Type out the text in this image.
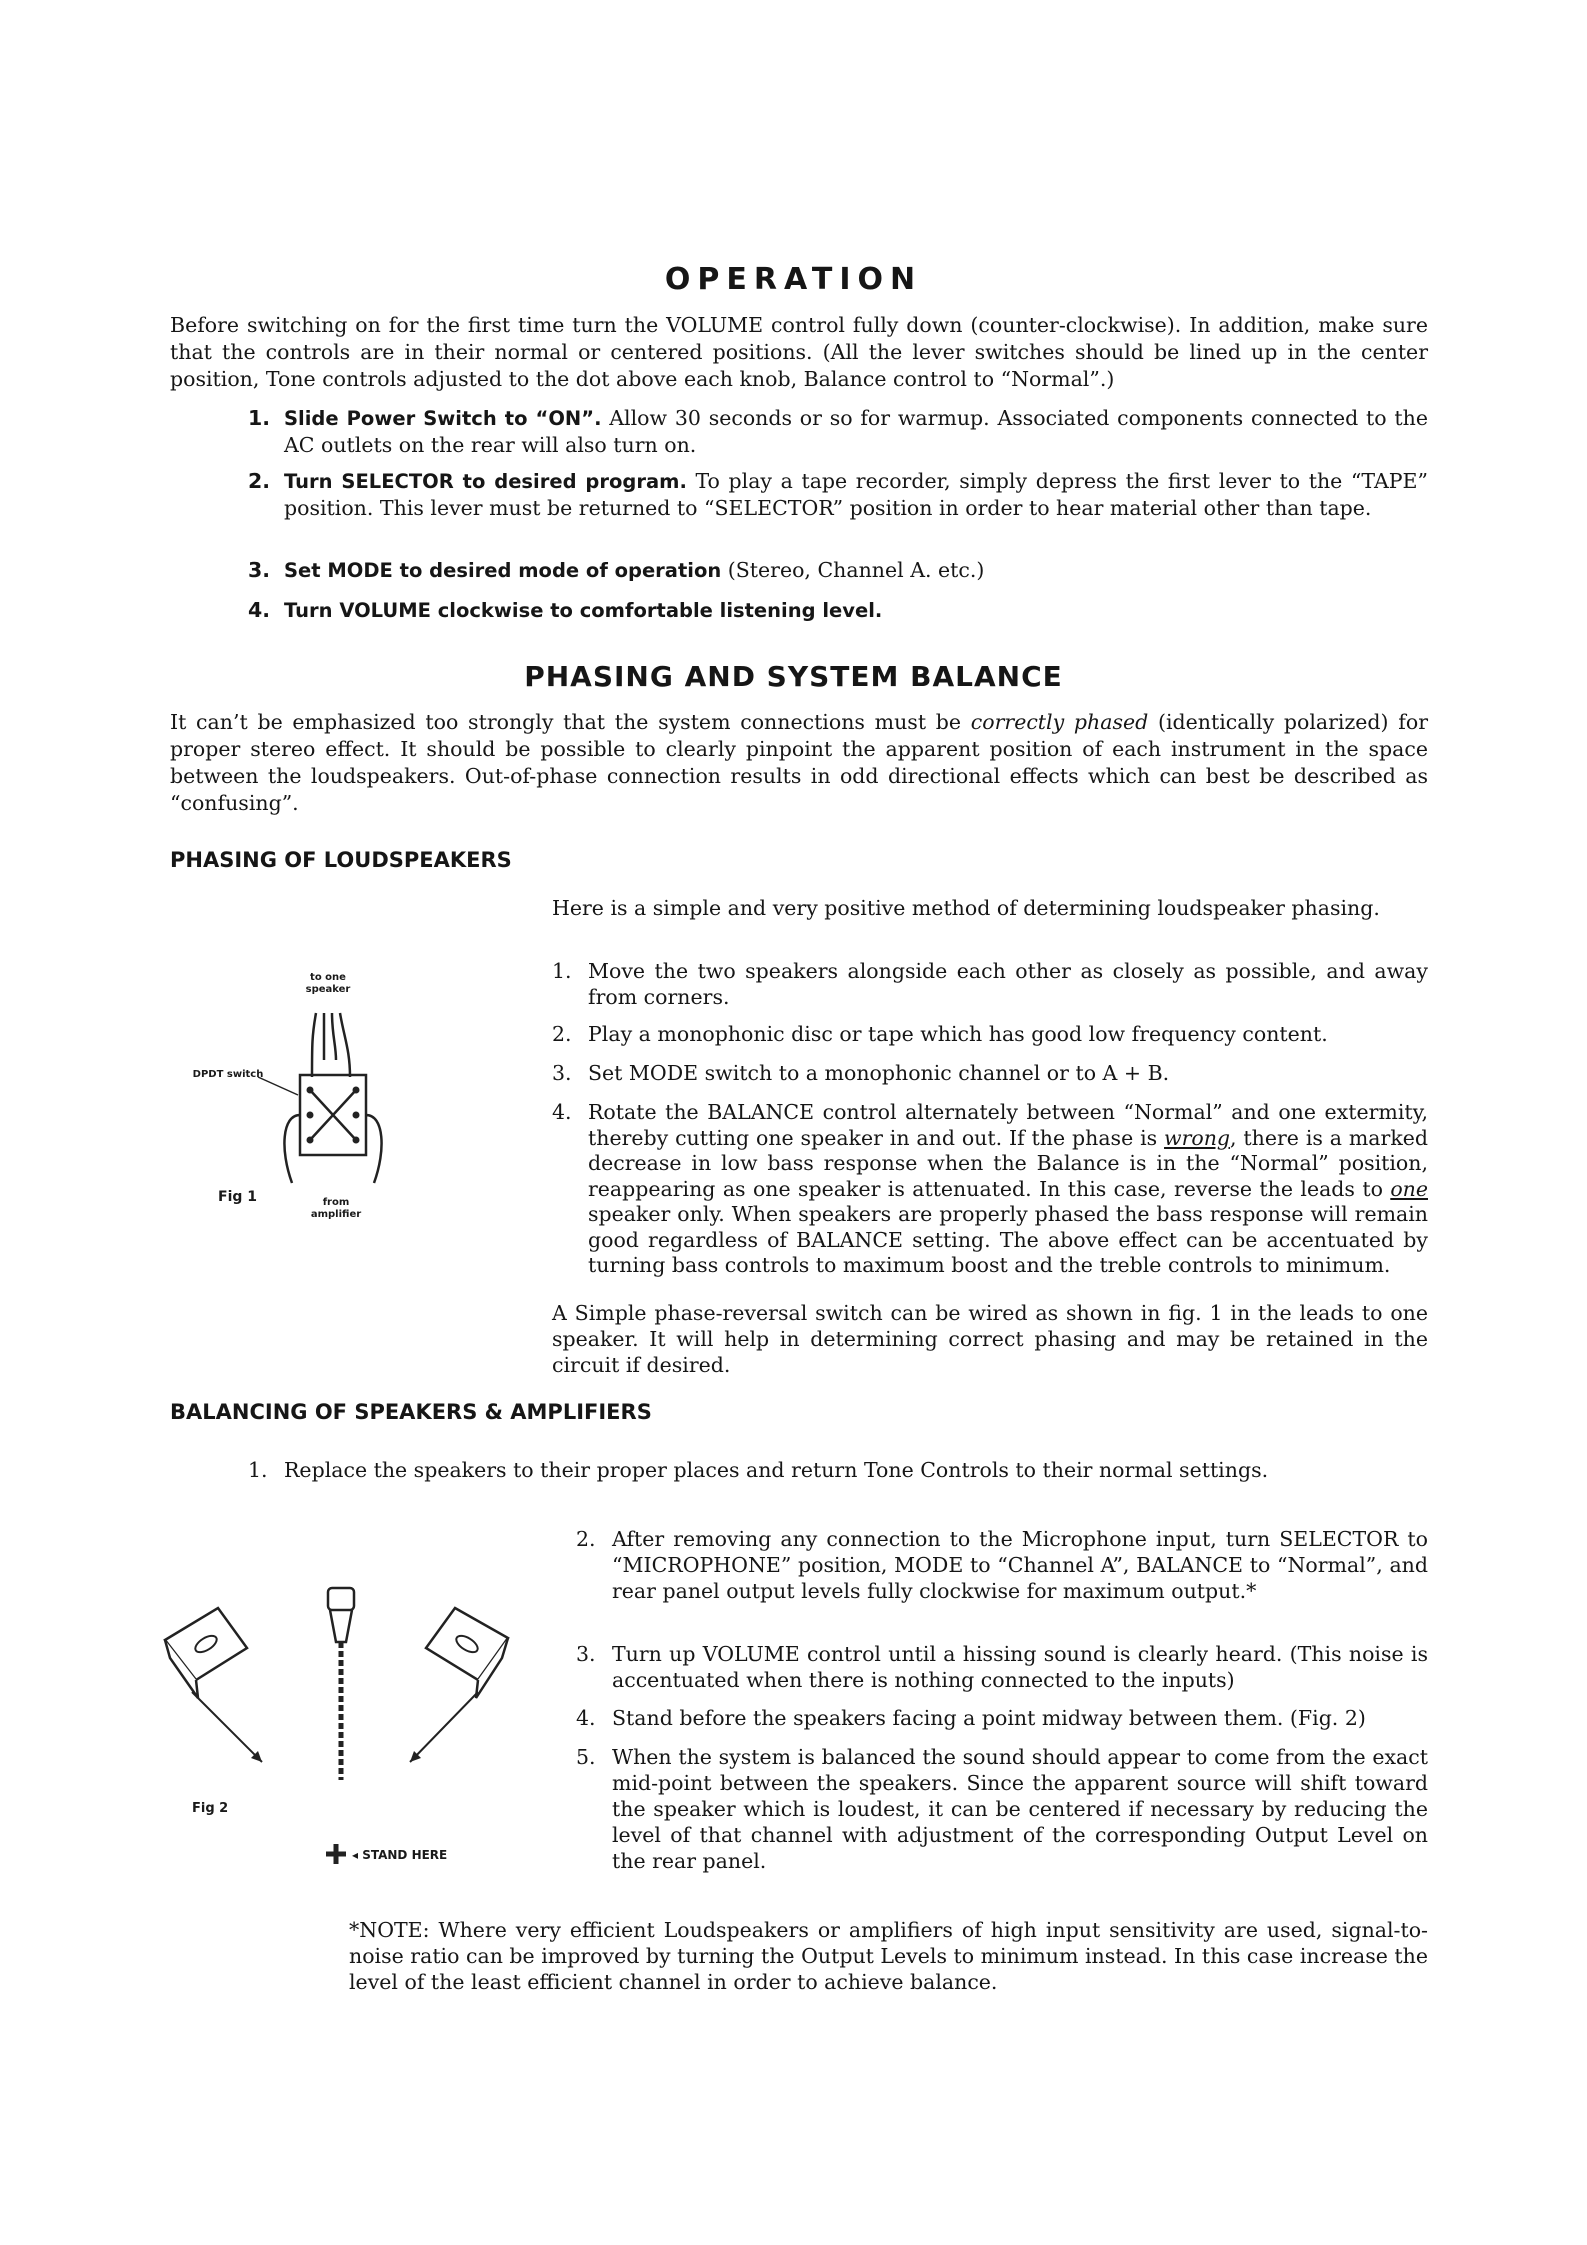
OPERATION

Before switching on for the first time turn the VOLUME control fully down (counter-clockwise). In addition, make sure that the controls are in their normal or centered positions. (All the lever switches should be lined up in the center position, Tone controls adjusted to the dot above each knob, Balance control to “Normal”.)

1. Slide Power Switch to “ON”. Allow 30 seconds or so for warmup. Associated components connected to the AC outlets on the rear will also turn on.
2. Turn SELECTOR to desired program. To play a tape recorder, simply depress the first lever to the “TAPE” position. This lever must be returned to “SELECTOR” position in order to hear material other than tape.
3. Set MODE to desired mode of operation (Stereo, Channel A. etc.)
4. Turn VOLUME clockwise to comfortable listening level.
PHASING AND SYSTEM BALANCE

It can’t be emphasized too strongly that the system connections must be correctly phased (identically polarized) for proper stereo effect. It should be possible to clearly pinpoint the apparent position of each instrument in the space between the loudspeakers. Out-of-phase connection results in odd directional effects which can best be described as “confusing”.

PHASING OF LOUDSPEAKERS

Here is a simple and very positive method of determining loudspeaker phasing.

1. Move the two speakers alongside each other as closely as possible, and away from corners.
2. Play a monophonic disc or tape which has good low frequency content.
3. Set MODE switch to a monophonic channel or to A + B.
4. Rotate the BALANCE control alternately between “Normal” and one extermity, thereby cutting one speaker in and out. If the phase is wrong, there is a marked decrease in low bass response when the Balance is in the “Normal” position, reappearing as one speaker is attenuated. In this case, reverse the leads to one speaker only. When speakers are properly phased the bass response will remain good regardless of BALANCE setting. The above effect can be accentuated by turning bass controls to maximum boost and the treble controls to minimum.

A Simple phase-reversal switch can be wired as shown in fig. 1 in the leads to one speaker. It will help in determining correct phasing and may be retained in the circuit if desired.

to one
speaker
DPDT switch
Fig 1	from
amplifier
BALANCING OF SPEAKERS & AMPLIFIERS
1. Replace the speakers to their proper places and return Tone Controls to their normal settings.
2. After removing any connection to the Microphone input, turn SELECTOR to “MICROPHONE” position, MODE to “Channel A”, BALANCE to “Normal”, and rear panel output levels fully clockwise for maximum output.*
3. Turn up VOLUME control until a hissing sound is clearly heard. (This noise is accentuated when there is nothing connected to the inputs)
4. Stand before the speakers facing a point midway between them. (Fig. 2)
5. When the system is balanced the sound should appear to come from the exact mid-point between the speakers. Since the apparent source will shift toward the speaker which is loudest, it can be centered if necessary by reducing the level of that channel with adjustment of the corresponding Output Level on the rear panel.
Fig 2
◂ STAND HERE

*NOTE: Where very efficient Loudspeakers or amplifiers of high input sensitivity are used, signal-to-noise ratio can be improved by turning the Output Levels to minimum instead. In this case increase the level of the least efficient channel in order to achieve balance.
